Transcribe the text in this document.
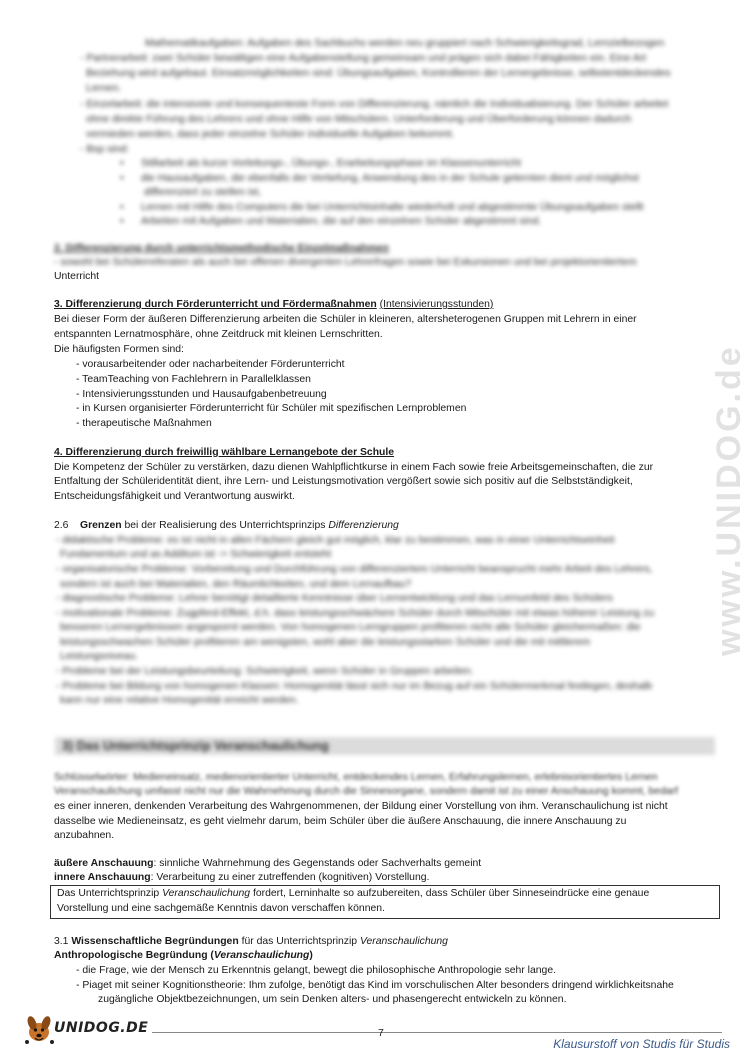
www.UNIDOG.de
Mathematikaufgaben: Aufgaben des Sachbuchs werden neu gruppiert nach Schwierigkeitsgrad, Lernzielbezogen
- Partnerarbeit: zwei Schüler bewältigen eine Aufgabenstellung gemeinsam und prägen sich dabei Fähigkeiten ein. Eine Art
Beziehung wird aufgebaut. Einsatzmöglichkeiten sind: Übungsaufgaben, Kontrollieren der Lernergebnisse, selbstentdeckendes
Lernen.
- Einzelarbeit: die intensivste und konsequenteste Form von Differenzierung, nämlich die Individualisierung. Der Schüler arbeitet
ohne direkte Führung des Lehrers und ohne Hilfe von Mitschülern. Unterforderung und Überforderung können dadurch
vermieden werden, dass jeder einzelne Schüler individuelle Aufgaben bekommt.
- Bsp sind:
•      Stillarbeit als kurze Vorleitungs-, Übungs-, Erarbeitungsphase im Klassenunterricht
•      die Hausaufgaben, die ebenfalls der Vertiefung, Anwendung des in der Schule gelernten dient und möglichst
differenziert zu stellen ist,
•      Lernen mit Hilfe des Computers die bei Unterrichtsinhalte wiederholt und abgestimmte Übungsaufgaben stellt
•      Arbeiten mit Aufgaben und Materialien, die auf den einzelnen Schüler abgestimmt sind.
2. Differenzierung durch unterrichtsmethodische Einzelmaßnahmen
- sowohl bei Schülerreferaten als auch bei offenen divergenten Lehrerfragen sowie bei Exkursionen und bei projektorientiertem
Unterricht
3. Differenzierung durch Förderunterricht und Fördermaßnahmen (Intensivierungsstunden)
Bei dieser Form der äußeren Differenzierung arbeiten die Schüler in kleineren, altersheterogenen Gruppen mit Lehrern in einer
entspannten Lernatmosphäre, ohne Zeitdruck mit kleinen Lernschritten.
Die häufigsten Formen sind:
- vorausarbeitender oder nacharbeitender Förderunterricht
- TeamTeaching von Fachlehrern in Parallelklassen
- Intensivierungsstunden und Hausaufgabenbetreuung
- in Kursen organisierter Förderunterricht für Schüler mit spezifischen Lernproblemen
- therapeutische Maßnahmen
4. Differenzierung durch freiwillig wählbare Lernangebote der Schule
Die Kompetenz der Schüler zu verstärken, dazu dienen Wahlpflichtkurse in einem Fach sowie freie Arbeitsgemeinschaften, die zur
Entfaltung der Schüleridentität dient, ihre Lern- und Leistungsmotivation vergößert sowie sich positiv auf die Selbstständigkeit,
Entscheidungsfähigkeit und Verantwortung auswirkt.
2.6 Grenzen bei der Realisierung des Unterrichtsprinzips Differenzierung
- didaktische Probleme: es ist nicht in allen Fächern gleich gut möglich, klar zu bestimmen, was in einer Unterrichtseinheit
Fundamentum und as Additum ist -> Schwierigkeit entsteht
- organisatorische Probleme: Vorbereitung und Durchführung von differenziertem Unterricht beansprucht mehr Arbeit des Lehrers,
sondern ist auch bei Materialien, den Räumlichkeiten, und dem Lernaufbau?
- diagnostische Probleme: Lehrer benötigt detaillierte Kenntnisse über Lernentwicklung und das Lernumfeld des Schülers
- motivationale Probleme: Zugpferd-Effekt, d.h. dass leistungsschwächere Schüler durch Mitschüler mit etwas höherer Leistung zu
besseren Lernergebnissen angespornt werden. Von homogenen Lerngruppen profitieren nicht alle Schüler gleichermaßen: die
leistungsschwachen Schüler profitieren am wenigsten, wohl aber die leistungsstarken Schüler und die mit mittlerem
Leistungsniveau.
- Probleme bei der Leistungsbeurteilung: Schwierigkeit, wenn Schüler in Gruppen arbeiten.
- Probleme bei Bildung von homogenen Klassen: Homogenität lässt sich nur im Bezug auf ein Schülermerkmal festlegen, deshalb
kann nur eine relative Homogenität erreicht werden.
3) Das Unterrichtsprinzip Veranschaulichung
Schlüsselwörter: Medieneinsatz, medienorientierter Unterricht, entdeckendes Lernen, Erfahrungslernen, erlebnisorientiertes Lernen
Veranschaulichung umfasst nicht nur die Wahrnehmung durch die Sinnesorgane, sondern damit ist zu einer Anschauung kommt, bedarf
es einer inneren, denkenden Verarbeitung des Wahrgenommenen, der Bildung einer Vorstellung von ihm. Veranschaulichung ist nicht
dasselbe wie Medieneinsatz, es geht vielmehr darum, beim Schüler über die äußere Anschauung, die innere Anschauung zu
anzubahnen.
äußere Anschauung: sinnliche Wahrnehmung des Gegenstands oder Sachverhalts gemeint
innere Anschauung: Verarbeitung zu einer zutreffenden (kognitiven) Vorstellung.
Das Unterrichtsprinzip Veranschaulichung fordert, Lerninhalte so aufzubereiten, dass Schüler über Sinneseindrücke eine genaue
Vorstellung und eine sachgemäße Kenntnis davon verschaffen können.
3.1 Wissenschaftliche Begründungen für das Unterrichtsprinzip Veranschaulichung
Anthropologische Begründung (Veranschaulichung)
- die Frage, wie der Mensch zu Erkenntnis gelangt, bewegt die philosophische Anthropologie sehr lange.
- Piaget mit seiner Kognitionstheorie: Ihm zufolge, benötigt das Kind im vorschulischen Alter besonders dringend wirklichkeitsnahe
zugängliche Objektbezeichnungen, um sein Denken alters- und phasengerecht entwickeln zu können.
UNIDOG.DE	7
Klausurstoff von Studis für Studis
